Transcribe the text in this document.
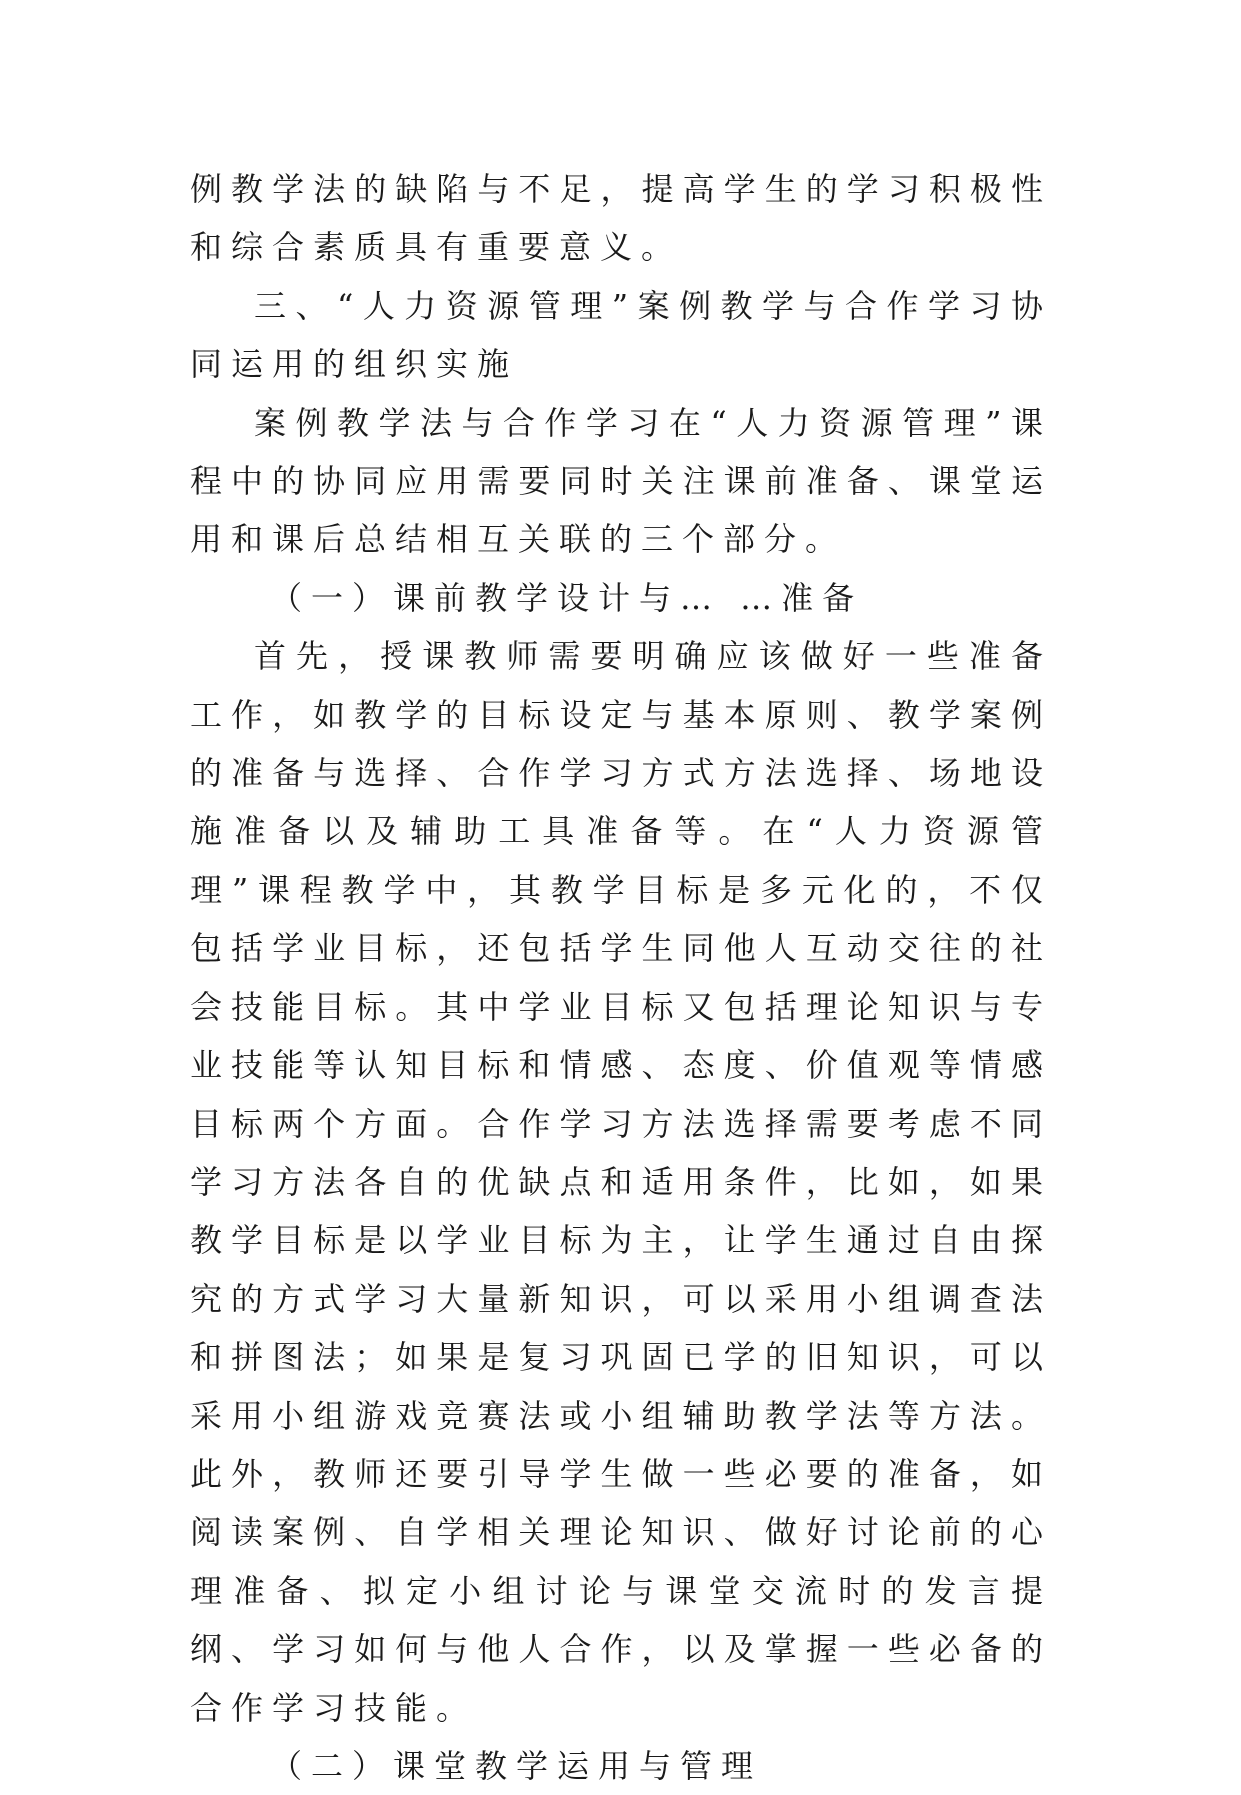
例教学法的缺陷与不足，提高学生的学习积极性和综合素质具有重要意义。

三、“人力资源管理”案例教学与合作学习协同运用的组织实施

案例教学法与合作学习在“人力资源管理”课程中的协同应用需要同时关注课前准备、课堂运用和课后总结相互关联的三个部分。

（一）课前教学设计与… …准备

首先，授课教师需要明确应该做好一些准备工作，如教学的目标设定与基本原则、教学案例的准备与选择、合作学习方式方法选择、场地设施准备以及辅助工具准备等。在“人力资源管理”课程教学中，其教学目标是多元化的，不仅包括学业目标，还包括学生同他人互动交往的社会技能目标。其中学业目标又包括理论知识与专业技能等认知目标和情感、态度、价值观等情感目标两个方面。合作学习方法选择需要考虑不同学习方法各自的优缺点和适用条件，比如，如果教学目标是以学业目标为主，让学生通过自由探究的方式学习大量新知识，可以采用小组调查法和拼图法；如果是复习巩固已学的旧知识，可以采用小组游戏竞赛法或小组辅助教学法等方法。此外，教师还要引导学生做一些必要的准备，如阅读案例、自学相关理论知识、做好讨论前的心理准备、拟定小组讨论与课堂交流时的发言提纲、学习如何与他人合作，以及掌握一些必备的合作学习技能。

（二）课堂教学运用与管理
